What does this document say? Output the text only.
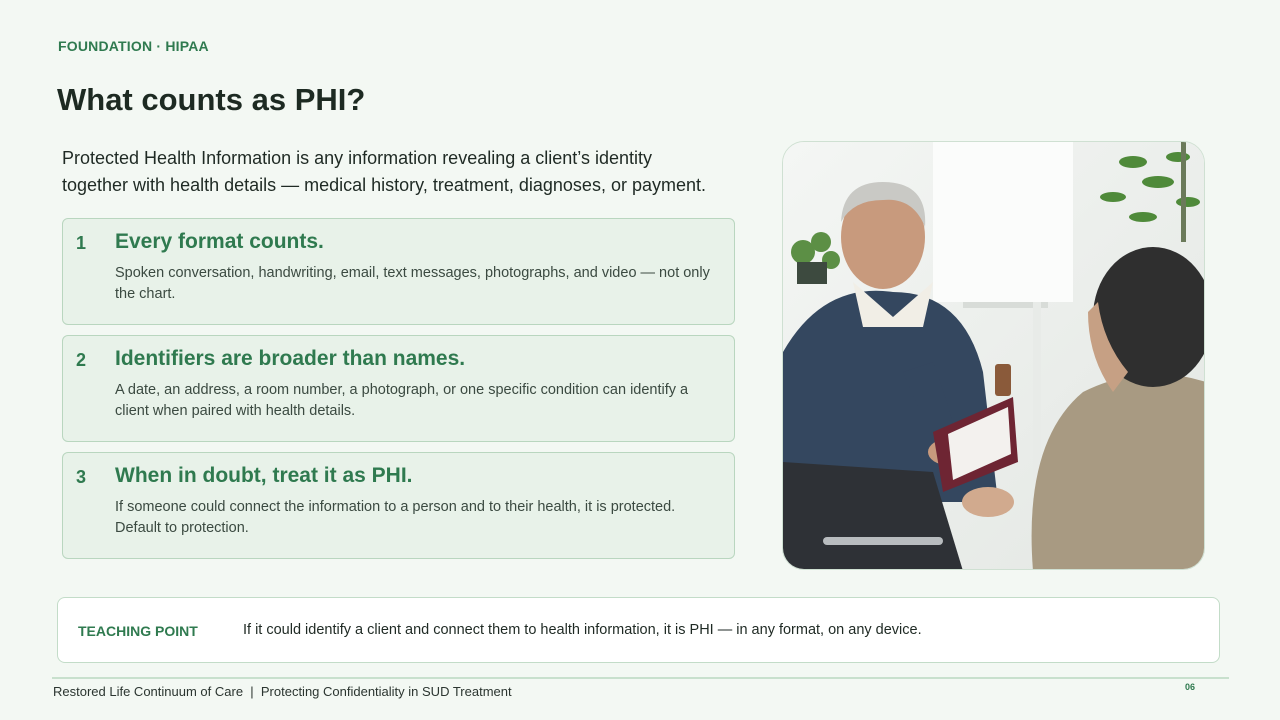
FOUNDATION · HIPAA
What counts as PHI?

Protected Health Information is any information revealing a client’s identity together with health details — medical history, treatment, diagnoses, or payment.

1 Every format counts.

Spoken conversation, handwriting, email, text messages, photographs, and video — not only the chart.

2 Identifiers are broader than names.

A date, an address, a room number, a photograph, or one specific condition can identify a client when paired with health details.

3 When in doubt, treat it as PHI.

If someone could connect the information to a person and to their health, it is protected. Default to protection.

TEACHING POINT	If it could identify a client and connect them to health information, it is PHI — in any format, on any device.
Restored Life Continuum of Care  |  Protecting Confidentiality in SUD Treatment	06
